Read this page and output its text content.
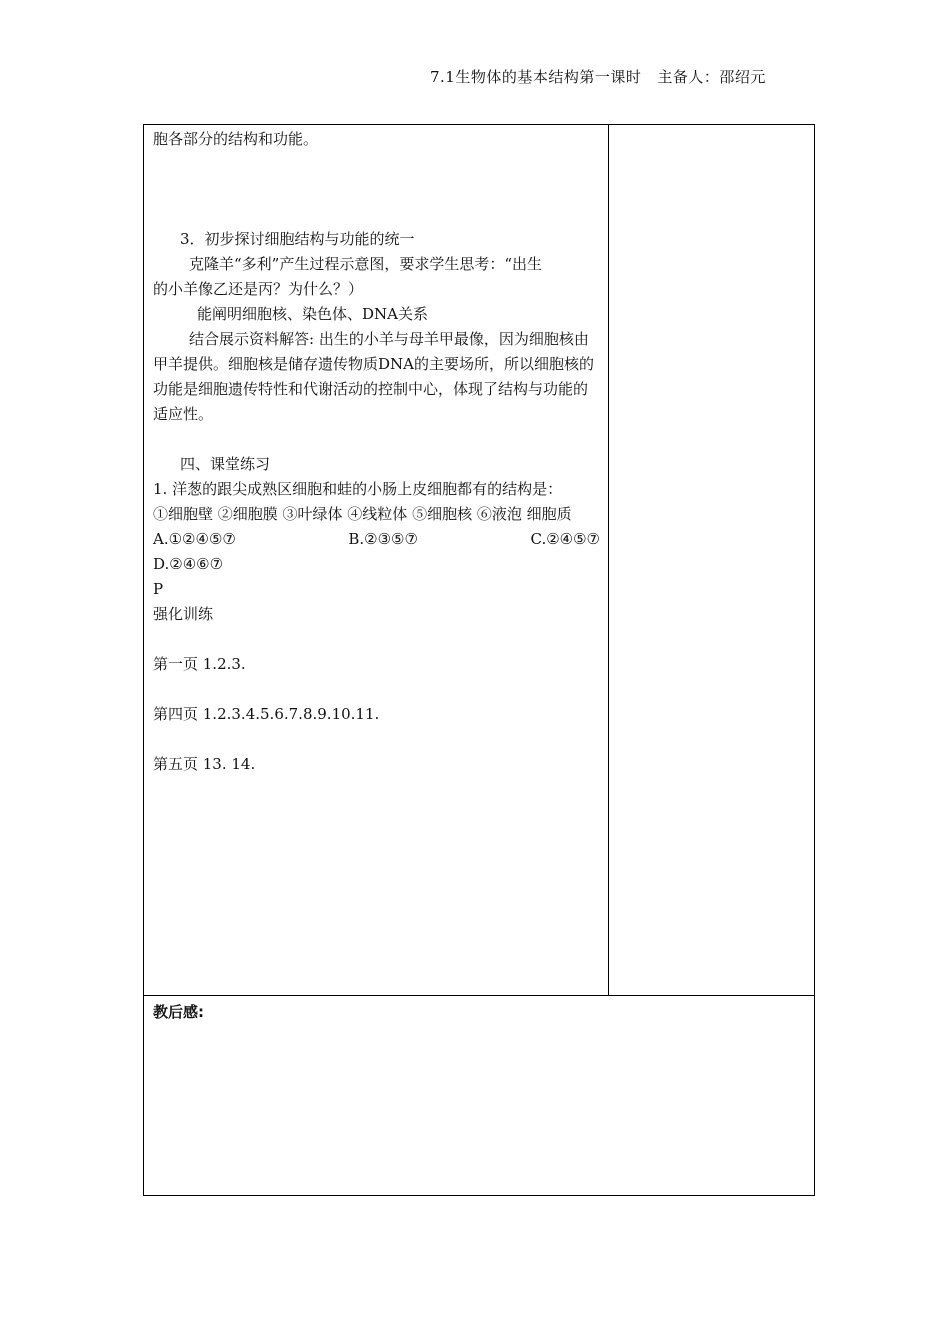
7.1生物体的基本结构第一课时 主备人：邵绍元
胞各部分的结构和功能。
3．初步探讨细胞结构与功能的统一
克隆羊“多利”产生过程示意图，要求学生思考：“出生
的小羊像乙还是丙？为什么？）
能阐明细胞核、染色体、DNA关系
结合展示资料解答: 出生的小羊与母羊甲最像，因为细胞核由甲羊提供。细胞核是储存遗传物质DNA的主要场所，所以细胞核的功能是细胞遗传特性和代谢活动的控制中心，体现了结构与功能的适应性。
四、课堂练习
1. 洋葱的跟尖成熟区细胞和蛙的小肠上皮细胞都有的结构是：
①细胞壁 ②细胞膜 ③叶绿体 ④线粒体 ⑤细胞核 ⑥液泡 细胞质
A.①②④⑤⑦	B.②③⑤⑦	C.②④⑤⑦
D.②④⑥⑦
P
强化训练
第一页 1.2.3.
第四页 1.2.3.4.5.6.7.8.9.10.11.
第五页 13. 14.
教后感:
